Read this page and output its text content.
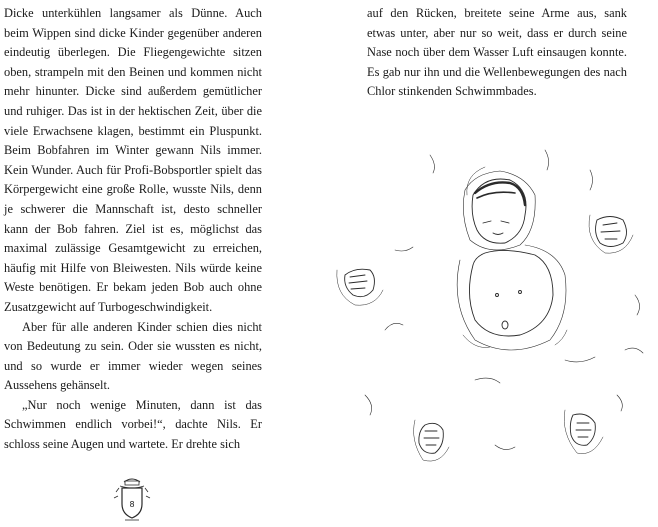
Dicke unterkühlen langsamer als Dünne. Auch beim Wippen sind dicke Kinder gegenüber anderen eindeutig überlegen. Die Fliegengewichte sitzen oben, strampeln mit den Beinen und kommen nicht mehr hinunter. Dicke sind außerdem gemütlicher und ruhiger. Das ist in der hektischen Zeit, über die viele Erwachsene klagen, bestimmt ein Pluspunkt. Beim Bobfahren im Winter gewann Nils immer. Kein Wunder. Auch für Profi-Bobsportler spielt das Körpergewicht eine große Rolle, wusste Nils, denn je schwerer die Mannschaft ist, desto schneller kann der Bob fahren. Ziel ist es, möglichst das maximal zulässige Gesamtgewicht zu erreichen, häufig mit Hilfe von Bleiwesten. Nils würde keine Weste benötigen. Er bekam jeden Bob auch ohne Zusatzgewicht auf Turbogeschwindigkeit.

Aber für alle anderen Kinder schien dies nicht von Bedeutung zu sein. Oder sie wussten es nicht, und so wurde er immer wieder wegen seines Aussehens gehänselt.

„Nur noch wenige Minuten, dann ist das Schwimmen endlich vorbei!“, dachte Nils. Er schloss seine Augen und wartete. Er drehte sich

8

auf den Rücken, breitete seine Arme aus, sank etwas unter, aber nur so weit, dass er durch seine Nase noch über dem Wasser Luft einsaugen konnte. Es gab nur ihn und die Wellenbewegungen des nach Chlor stinkenden Schwimmbades.
